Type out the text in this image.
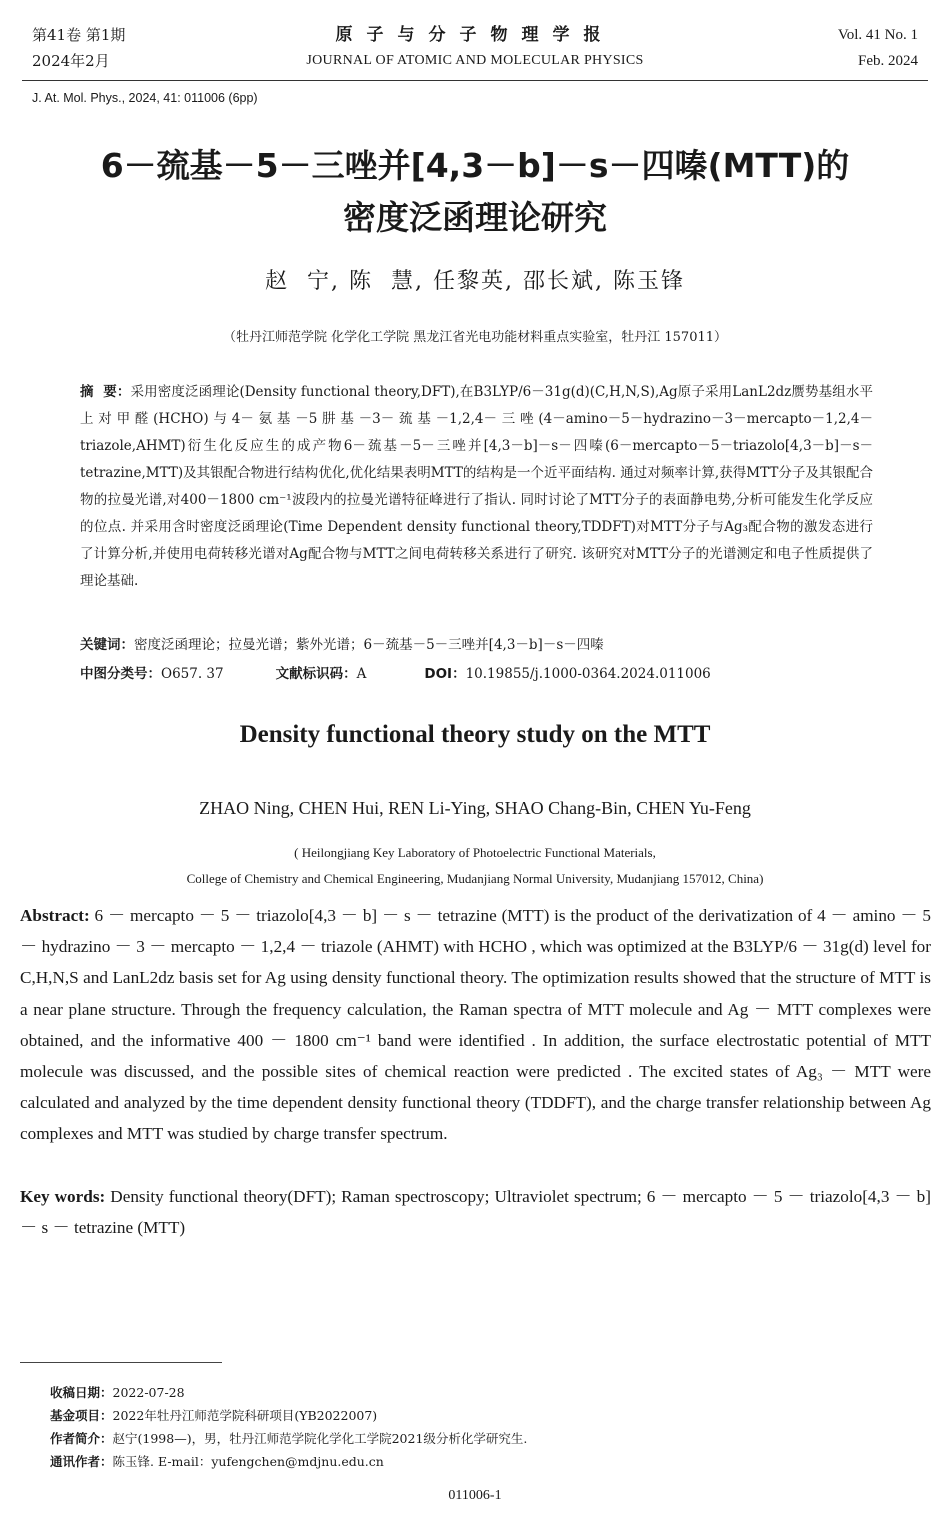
第41卷 第1期
2024年2月
原子与分子物理学报
JOURNAL OF ATOMIC AND MOLECULAR PHYSICS
Vol. 41 No. 1
Feb. 2024
J. At. Mol. Phys., 2024, 41: 011006 (6pp)
6－巯基－5－三唑并[4,3－b]－s－四嗪(MTT)的
密度泛函理论研究
赵  宁, 陈  慧, 任黎英, 邵长斌, 陈玉锋
（牡丹江师范学院 化学化工学院 黑龙江省光电功能材料重点实验室，牡丹江 157011）
摘  要：采用密度泛函理论(Density functional theory,DFT),在B3LYP/6－31g(d)(C,H,N,S),Ag原子采用LanL2dz赝势基组水平上对甲醛(HCHO)与4－氨基－5肼基－3－巯基－1,2,4－三唑(4－amino－5－hydrazino－3－mercapto－1,2,4－triazole,AHMT)衍生化反应生的成产物6－巯基－5－三唑并[4,3－b]－s－四嗪(6－mercapto－5－triazolo[4,3－b]－s－tetrazine,MTT)及其银配合物进行结构优化,优化结果表明MTT的结构是一个近平面结构. 通过对频率计算,获得MTT分子及其银配合物的拉曼光谱,对400－1800 cm⁻¹波段内的拉曼光谱特征峰进行了指认. 同时讨论了MTT分子的表面静电势,分析可能发生化学反应的位点. 并采用含时密度泛函理论(Time Dependent density functional theory,TDDFT)对MTT分子与Ag₃配合物的激发态进行了计算分析,并使用电荷转移光谱对Ag配合物与MTT之间电荷转移关系进行了研究. 该研究对MTT分子的光谱测定和电子性质提供了理论基础.
关键词：密度泛函理论；拉曼光谱；紫外光谱；6－巯基－5－三唑并[4,3－b]－s－四嗪
中图分类号：O657. 37	文献标识码：A	DOI：10.19855/j.1000-0364.2024.011006
Density functional theory study on the MTT
ZHAO Ning, CHEN Hui, REN Li-Ying, SHAO Chang-Bin, CHEN Yu-Feng
( Heilongjiang Key Laboratory of Photoelectric Functional Materials,
College of Chemistry and Chemical Engineering, Mudanjiang Normal University, Mudanjiang 157012, China)
Abstract: 6 － mercapto － 5 － triazolo[4,3 － b] － s － tetrazine (MTT) is the product of the derivatization of 4 － amino － 5 － hydrazino － 3 － mercapto － 1,2,4 － triazole (AHMT) with HCHO , which was optimized at the B3LYP/6 － 31g(d) level for C,H,N,S and LanL2dz basis set for Ag using density functional theory. The optimization results showed that the structure of MTT is a near plane structure. Through the frequency calculation, the Raman spectra of MTT molecule and Ag － MTT complexes were obtained, and the informative 400 － 1800 cm⁻¹ band were identified . In addition, the surface electrostatic potential of MTT molecule was discussed, and the possible sites of chemical reaction were predicted . The excited states of Ag₃ － MTT were calculated and analyzed by the time dependent density functional theory (TDDFT), and the charge transfer relationship between Ag complexes and MTT was studied by charge transfer spectrum.
Key words: Density functional theory(DFT); Raman spectroscopy; Ultraviolet spectrum; 6 － mercapto － 5 － triazolo[4,3 － b] － s － tetrazine (MTT)
收稿日期：2022-07-28
基金项目：2022年牡丹江师范学院科研项目(YB2022007)
作者简介：赵宁(1998—)，男，牡丹江师范学院化学化工学院2021级分析化学研究生.
通讯作者：陈玉锋. E-mail：yufengchen@mdjnu.edu.cn
011006-1
